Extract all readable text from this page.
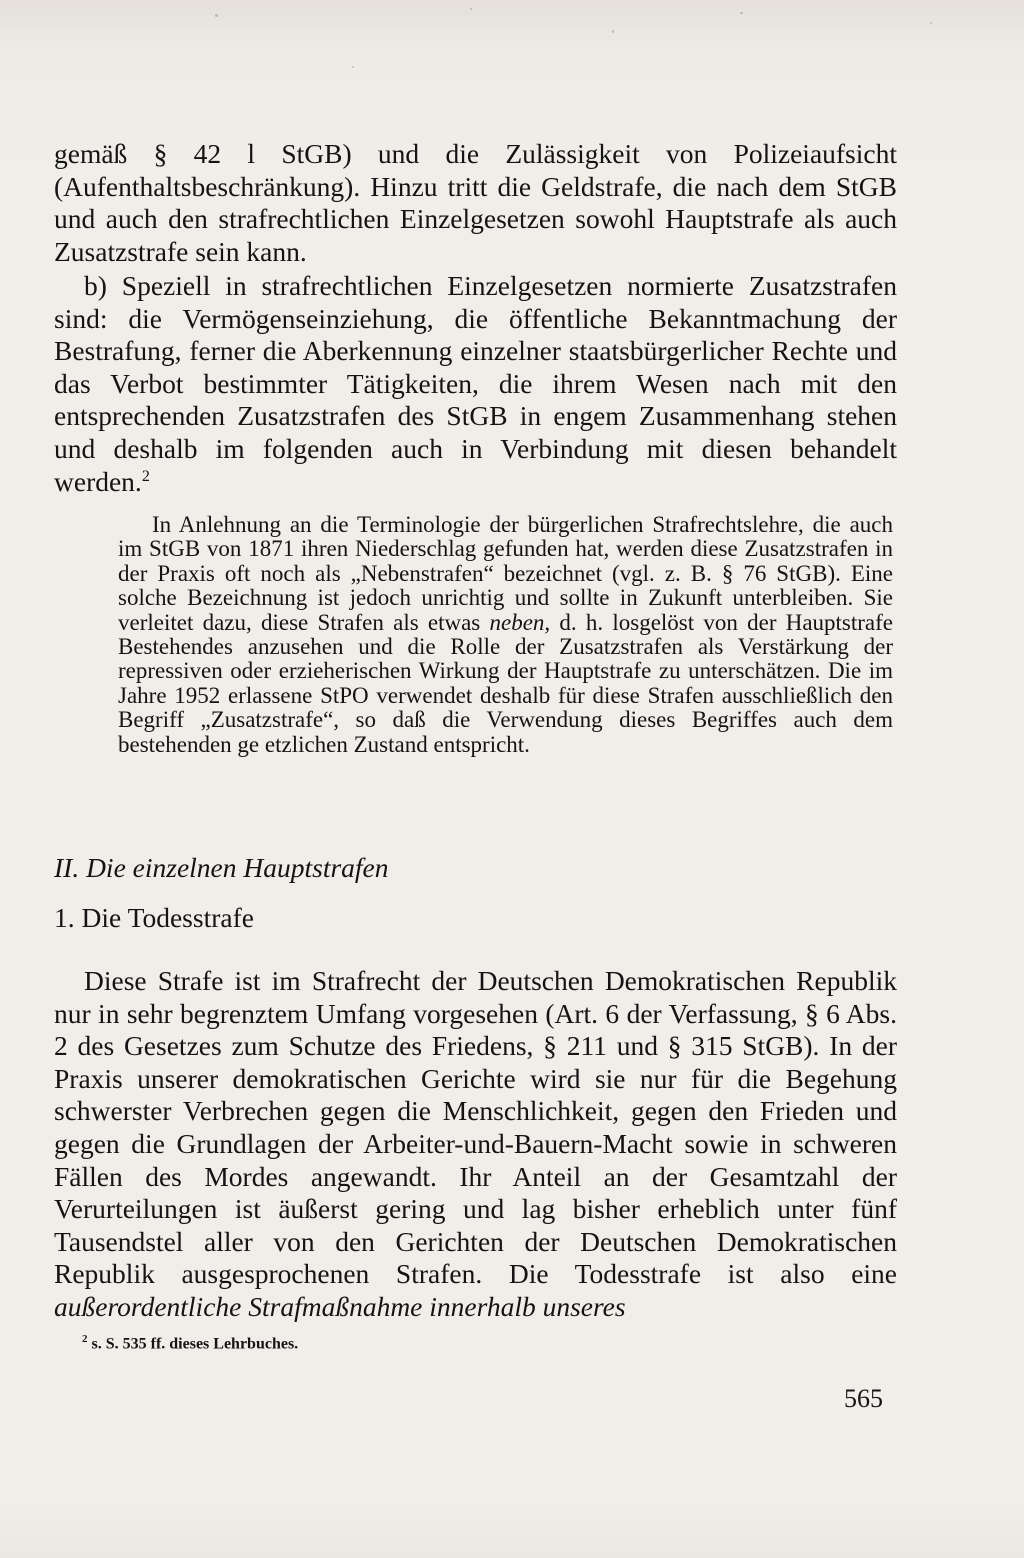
gemäß § 42 l StGB) und die Zulässigkeit von Polizeiaufsicht (Aufenthaltsbeschränkung). Hinzu tritt die Geldstrafe, die nach dem StGB und auch den strafrechtlichen Einzelgesetzen sowohl Hauptstrafe als auch Zusatzstrafe sein kann.

b) Speziell in strafrechtlichen Einzelgesetzen normierte Zusatzstrafen sind: die Vermögenseinziehung, die öffentliche Bekanntmachung der Bestrafung, ferner die Aberkennung einzelner staatsbürgerlicher Rechte und das Verbot bestimmter Tätigkeiten, die ihrem Wesen nach mit den entsprechenden Zusatzstrafen des StGB in engem Zusammenhang stehen und deshalb im folgenden auch in Verbindung mit diesen behandelt werden.$^2$

In Anlehnung an die Terminologie der bürgerlichen Strafrechtslehre, die auch im StGB von 1871 ihren Niederschlag gefunden hat, werden diese Zusatzstrafen in der Praxis oft noch als „Nebenstrafen“ bezeichnet (vgl. z. B. § 76 StGB). Eine solche Bezeichnung ist jedoch unrichtig und sollte in Zukunft unterbleiben. Sie verleitet dazu, diese Strafen als etwas neben, d. h. losgelöst von der Hauptstrafe Bestehendes anzusehen und die Rolle der Zusatzstrafen als Verstärkung der repressiven oder erzieherischen Wirkung der Hauptstrafe zu unterschätzen. Die im Jahre 1952 erlassene StPO verwendet deshalb für diese Strafen ausschließlich den Begriff „Zusatzstrafe“, so daß die Verwendung dieses Begriffes auch dem bestehenden ge etzlichen Zustand entspricht.

II. Die einzelnen Hauptstrafen

1. Die Todesstrafe

Diese Strafe ist im Strafrecht der Deutschen Demokratischen Republik nur in sehr begrenztem Umfang vorgesehen (Art. 6 der Verfassung, § 6 Abs. 2 des Gesetzes zum Schutze des Friedens, § 211 und § 315 StGB). In der Praxis unserer demokratischen Gerichte wird sie nur für die Begehung schwerster Verbrechen gegen die Menschlichkeit, gegen den Frieden und gegen die Grundlagen der Arbeiter-und-Bauern-Macht sowie in schweren Fällen des Mordes angewandt. Ihr Anteil an der Gesamtzahl der Verurteilungen ist äußerst gering und lag bisher erheblich unter fünf Tausendstel aller von den Gerichten der Deutschen Demokratischen Republik ausgesprochenen Strafen. Die Todesstrafe ist also eine außerordentliche Strafmaßnahme innerhalb unseres

$^2$ s. S. 535 ff. dieses Lehrbuches.

565
